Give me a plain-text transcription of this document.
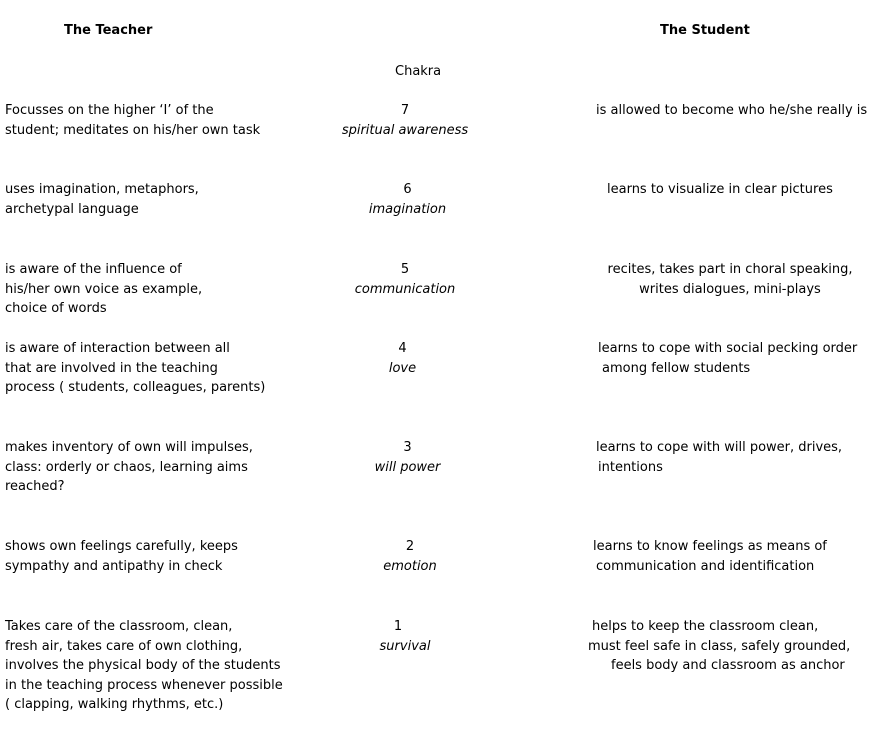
The Teacher	The Student
Chakra
Focusses on the higher ‘I’ of the
student; meditates on his/her own task
7
spiritual awareness
is allowed to become who he/she really is
uses imagination, metaphors,
archetypal language
6
imagination
learns to visualize in clear pictures
is aware of the influence of
his/her own voice as example,
choice of words
5
communication
recites, takes part in choral speaking,
writes dialogues, mini-plays
is aware of interaction between all
that are involved in the teaching
process ( students, colleagues, parents)
4
love
learns to cope with social pecking order
among fellow students
makes inventory of own will impulses,
class: orderly or chaos, learning aims
reached?
3
will power
learns to cope with will power, drives,
intentions
shows own feelings carefully, keeps
sympathy and antipathy in check
2
emotion
learns to know feelings as means of
communication and identification
Takes care of the classroom, clean,
fresh air, takes care of own clothing,
involves the physical body of the students
in the teaching process whenever possible
( clapping, walking rhythms, etc.)
1
survival
helps to keep the classroom clean,
must feel safe in class, safely grounded,
feels body and classroom as anchor
